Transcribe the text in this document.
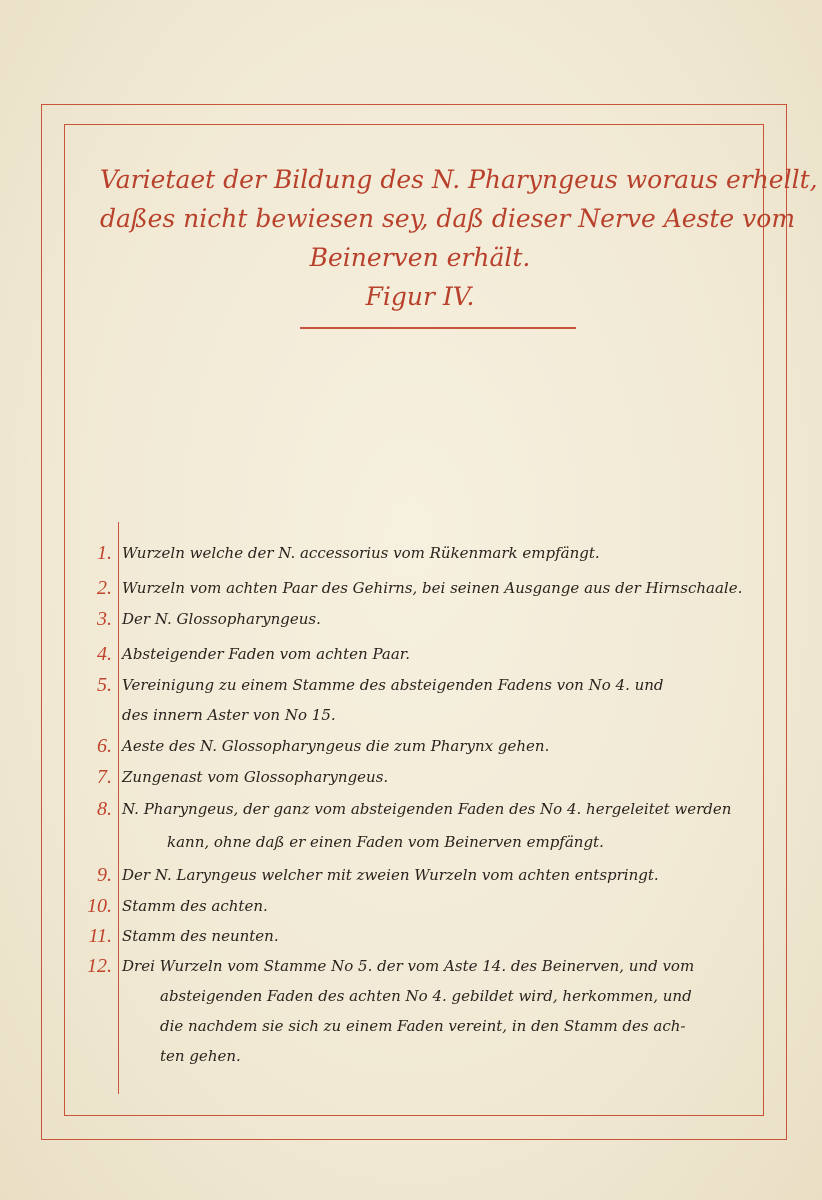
Varietaet der Bildung des N. Pharyngeus woraus erhellt,
daßes nicht bewiesen sey, daß dieser Nerve Aeste vom
Beinerven erhält.
Figur IV.
1. Wurzeln welche der N. accessorius vom Rükenmark empfängt.
2. Wurzeln vom achten Paar des Gehirns, bei seinen Ausgange aus der Hirnschaale.
3. Der N. Glossopharyngeus.
4. Absteigender Faden vom achten Paar.
5. Vereinigung zu einem Stamme des absteigenden Fadens von No 4. und
des innern Aster von No 15.
6. Aeste des N. Glossopharyngeus die zum Pharynx gehen.
7. Zungenast vom Glossopharyngeus.
8. N. Pharyngeus, der ganz vom absteigenden Faden des No 4. hergeleitet werden
kann, ohne daß er einen Faden vom Beinerven empfängt.
9. Der N. Laryngeus welcher mit zweien Wurzeln vom achten entspringt.
10. Stamm des achten.
11. Stamm des neunten.
12. Drei Wurzeln vom Stamme No 5. der vom Aste 14. des Beinerven, und vom
absteigenden Faden des achten No 4. gebildet wird, herkommen, und
die nachdem sie sich zu einem Faden vereint, in den Stamm des ach-
ten gehen.
